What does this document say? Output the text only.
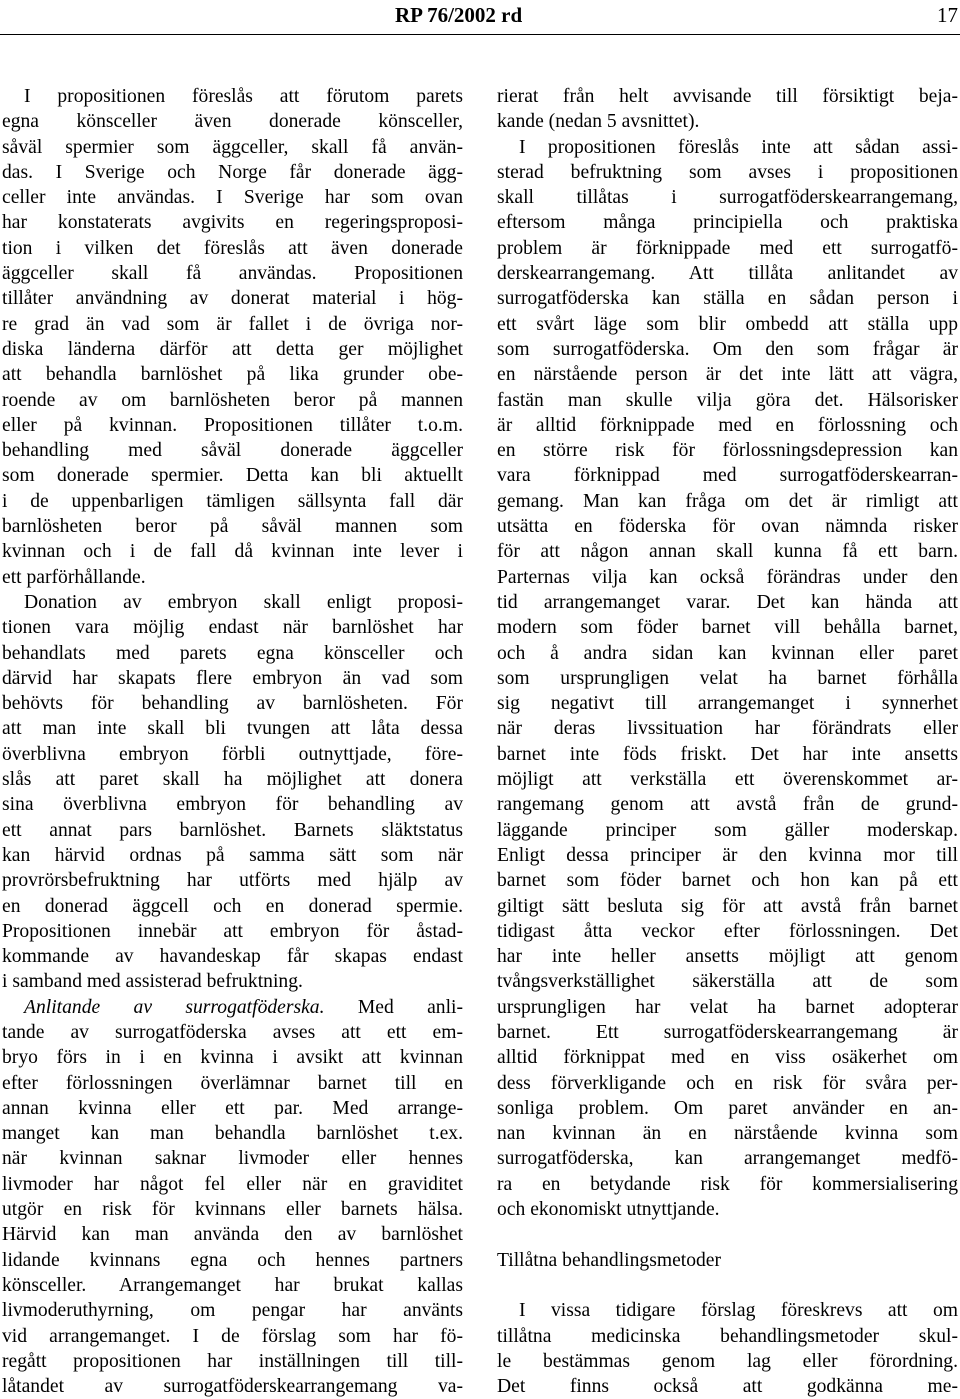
RP 76/2002 rd	17
I propositionen föreslås att förutom parets
egna könsceller även donerade könsceller,
såväl spermier som äggceller, skall få använ-
das. I Sverige och Norge får donerade ägg-
celler inte användas. I Sverige har som ovan
har konstaterats avgivits en regeringsproposi-
tion i vilken det föreslås att även donerade
äggceller skall få användas. Propositionen
tillåter användning av donerat material i hög-
re grad än vad som är fallet i de övriga nor-
diska länderna därför att detta ger möjlighet
att behandla barnlöshet på lika grunder obe-
roende av om barnlösheten beror på mannen
eller på kvinnan. Propositionen tillåter t.o.m.
behandling med såväl donerade äggceller
som donerade spermier. Detta kan bli aktuellt
i de uppenbarligen tämligen sällsynta fall där
barnlösheten beror på såväl mannen som
kvinnan och i de fall då kvinnan inte lever i
ett parförhållande.
Donation av embryon skall enligt proposi-
tionen vara möjlig endast när barnlöshet har
behandlats med parets egna könsceller och
därvid har skapats flere embryon än vad som
behövts för behandling av barnlösheten. För
att man inte skall bli tvungen att låta dessa
överblivna embryon förbli outnyttjade, före-
slås att paret skall ha möjlighet att donera
sina överblivna embryon för behandling av
ett annat pars barnlöshet. Barnets släktstatus
kan härvid ordnas på samma sätt som när
provrörsbefruktning har utförts med hjälp av
en donerad äggcell och en donerad spermie.
Propositionen innebär att embryon för åstad-
kommande av havandeskap får skapas endast
i samband med assisterad befruktning.
Anlitande av surrogatföderska. Med anli-
tande av surrogatföderska avses att ett em-
bryo förs in i en kvinna i avsikt att kvinnan
efter förlossningen överlämnar barnet till en
annan kvinna eller ett par. Med arrange-
manget kan man behandla barnlöshet t.ex.
när kvinnan saknar livmoder eller hennes
livmoder har något fel eller när en graviditet
utgör en risk för kvinnans eller barnets hälsa.
Härvid kan man använda den av barnlöshet
lidande kvinnans egna och hennes partners
könsceller. Arrangemanget har brukat kallas
livmoderuthyrning, om pengar har använts
vid arrangemanget. I de förslag som har fö-
regått propositionen har inställningen till till-
låtandet av surrogatföderskearrangemang va-
rierat från helt avvisande till försiktigt beja-
kande (nedan 5 avsnittet).
I propositionen föreslås inte att sådan assi-
sterad befruktning som avses i propositionen
skall tillåtas i surrogatföderskearrangemang,
eftersom många principiella och praktiska
problem är förknippade med ett surrogatfö-
derskearrangemang. Att tillåta anlitandet av
surrogatföderska kan ställa en sådan person i
ett svårt läge som blir ombedd att ställa upp
som surrogatföderska. Om den som frågar är
en närstående person är det inte lätt att vägra,
fastän man skulle vilja göra det. Hälsorisker
är alltid förknippade med en förlossning och
en större risk för förlossningsdepression kan
vara förknippad med surrogatföderskearran-
gemang. Man kan fråga om det är rimligt att
utsätta en föderska för ovan nämnda risker
för att någon annan skall kunna få ett barn.
Parternas vilja kan också förändras under den
tid arrangemanget varar. Det kan hända att
modern som föder barnet vill behålla barnet,
och å andra sidan kan kvinnan eller paret
som ursprungligen velat ha barnet förhålla
sig negativt till arrangemanget i synnerhet
när deras livssituation har förändrats eller
barnet inte föds friskt. Det har inte ansetts
möjligt att verkställa ett överenskommet ar-
rangemang genom att avstå från de grund-
läggande principer som gäller moderskap.
Enligt dessa principer är den kvinna mor till
barnet som föder barnet och hon kan på ett
giltigt sätt besluta sig för att avstå från barnet
tidigast åtta veckor efter förlossningen. Det
har inte heller ansetts möjligt att genom
tvångsverkställighet säkerställa att de som
ursprungligen har velat ha barnet adopterar
barnet. Ett surrogatföderskearrangemang är
alltid förknippat med en viss osäkerhet om
dess förverkligande och en risk för svåra per-
sonliga problem. Om paret använder en an-
nan kvinnan än en närstående kvinna som
surrogatföderska, kan arrangemanget medfö-
ra en betydande risk för kommersialisering
och ekonomiskt utnyttjande.
Tillåtna behandlingsmetoder
I vissa tidigare förslag föreskrevs att om
tillåtna medicinska behandlingsmetoder skul-
le bestämmas genom lag eller förordning.
Det finns också att godkänna me-
